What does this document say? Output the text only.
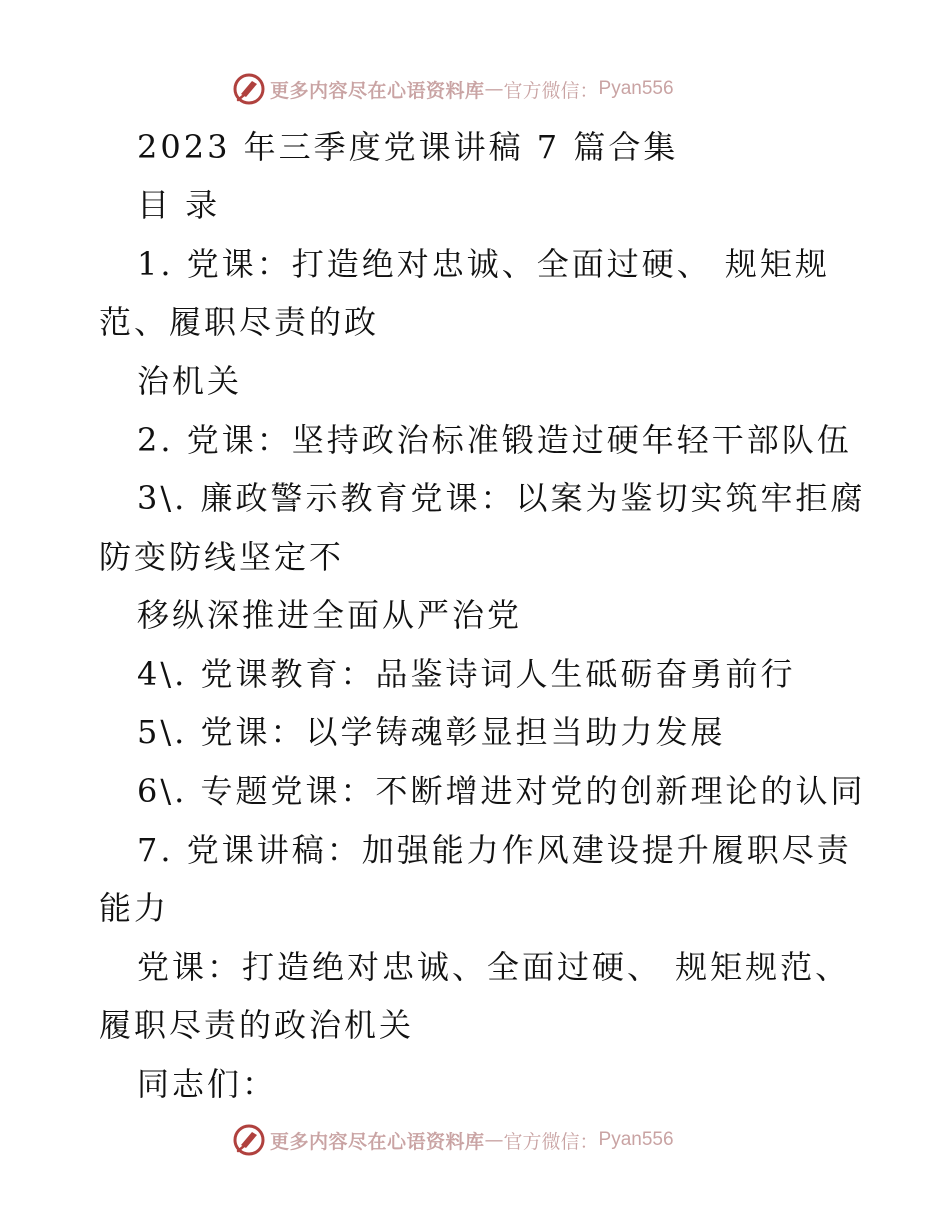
更多内容尽在心语资料库 — 官方微信： Pyan556
2023 年三季度党课讲稿 7 篇合集
目 录
1. 党课：打造绝对忠诚、全面过硬、 规矩规
范、履职尽责的政
治机关
2. 党课：坚持政治标准锻造过硬年轻干部队伍
3\. 廉政警示教育党课：以案为鉴切实筑牢拒腐
防变防线坚定不
移纵深推进全面从严治党
4\. 党课教育：品鉴诗词人生砥砺奋勇前行
5\. 党课：以学铸魂彰显担当助力发展
6\. 专题党课：不断增进对党的创新理论的认同
7. 党课讲稿：加强能力作风建设提升履职尽责
能力
党课：打造绝对忠诚、全面过硬、 规矩规范、
履职尽责的政治机关
同志们：
更多内容尽在心语资料库 — 官方微信： Pyan556
